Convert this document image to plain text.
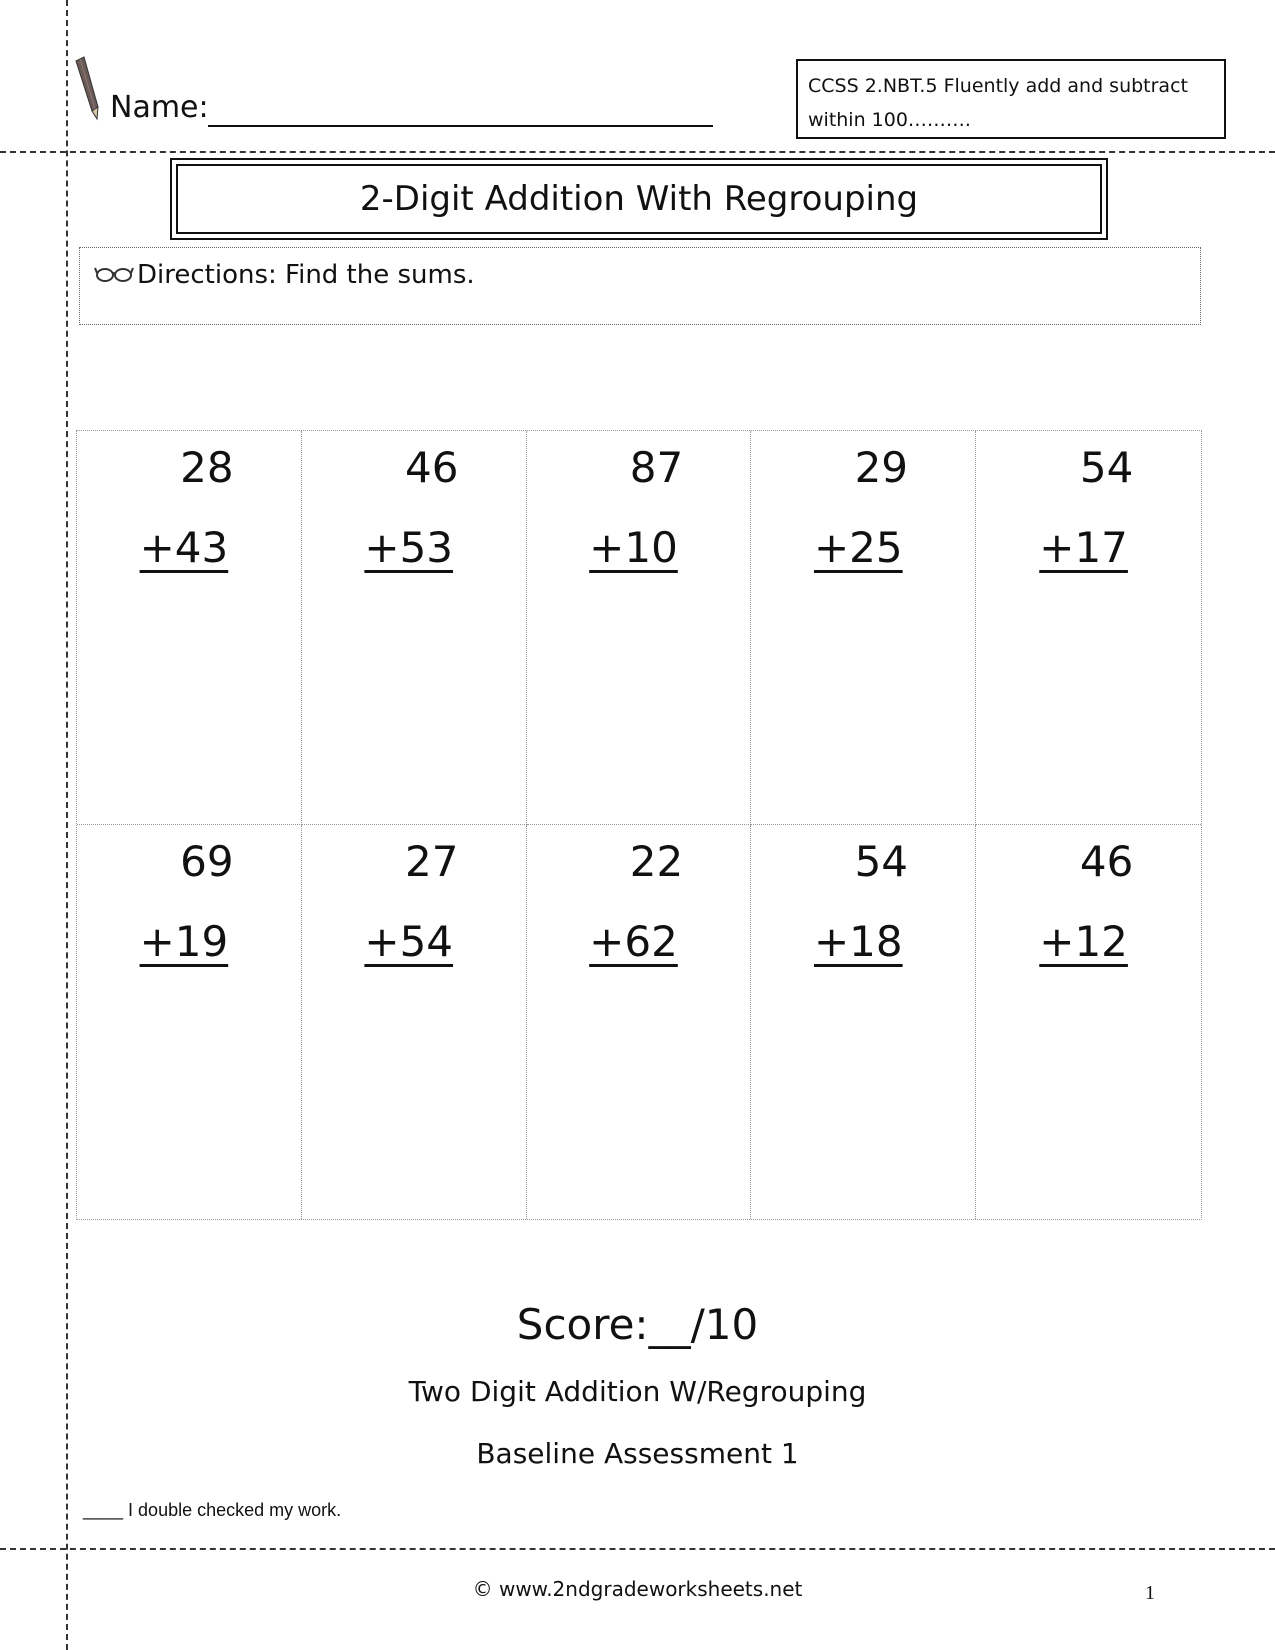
Name:
CCSS 2.NBT.5 Fluently add and subtract within 100……….
2-Digit Addition With Regrouping
Directions: Find the sums.
28
+43
46
+53
87
+10
29
+25
54
+17
69
+19
27
+54
22
+62
54
+18
46
+12
Score:__/10
Two Digit Addition W/Regrouping
Baseline Assessment 1
____ I double checked my work.
© www.2ndgradeworksheets.net	1
